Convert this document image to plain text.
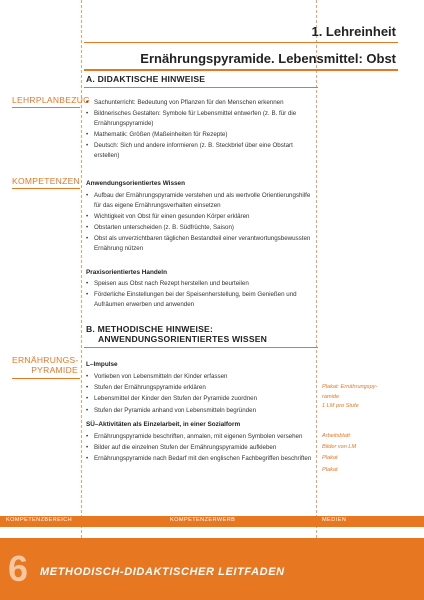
1. Lehreinheit
Ernährungspyramide. Lebensmittel: Obst
A. DIDAKTISCHE HINWEISE
LEHRPLANBEZUG
• Sachunterricht: Bedeutung von Pflanzen für den Menschen erkennen
• Bildnerisches Gestalten: Symbole für Lebensmittel entwerfen (z. B. für die Ernährungspyramide)
• Mathematik: Größen (Maßeinheiten für Rezepte)
• Deutsch: Sich und andere informieren (z. B. Steckbrief über eine Obstart erstellen)
KOMPETENZEN Anwendungsorientiertes Wissen
• Aufbau der Ernährungspyramide verstehen und als wertvolle Orientierungshilfe für das eigene Ernährungsverhalten einsetzen
• Wichtigkeit von Obst für einen gesunden Körper erklären
• Obstarten unterscheiden (z. B. Südfrüchte, Saison)
• Obst als unverzichtbaren täglichen Bestandteil einer verantwortungsbewussten Ernährung nützen
Praxisorientiertes Handeln
• Speisen aus Obst nach Rezept herstellen und beurteilen
• Förderliche Einstellungen bei der Speisenherstellung, beim Genießen und Aufräumen erwerben und anwenden
B. METHODISCHE HINWEISE:
ANWENDUNGSORIENTIERTES WISSEN
ERNÄHRUNGS-
PYRAMIDE
L–Impulse
• Vorlieben von Lebensmitteln der Kinder erfassen
• Stufen der Ernährungspyramide erklären
• Lebensmittel der Kinder den Stufen der Pyramide zuordnen
• Stufen der Pyramide anhand von Lebensmitteln begründen
Plakat: Ernährungspy-
ramide
1 LM pro Stufe
SÜ–Aktivitäten als Einzelarbeit, in einer Sozialform
• Ernährungspyramide beschriften, anmalen, mit eigenen Symbolen versehen
• Bilder auf die einzelnen Stufen der Ernährungspyramide aufkleben
• Ernährungspyramide nach Bedarf mit den englischen Fachbegriffen beschriften
Arbeitsblatt
Bilder von LM
Plakat
Plakat
KOMPETENZBEREICH	KOMPETENZERWERB	MEDIEN
6 METHODISCH-DIDAKTISCHER LEITFADEN
